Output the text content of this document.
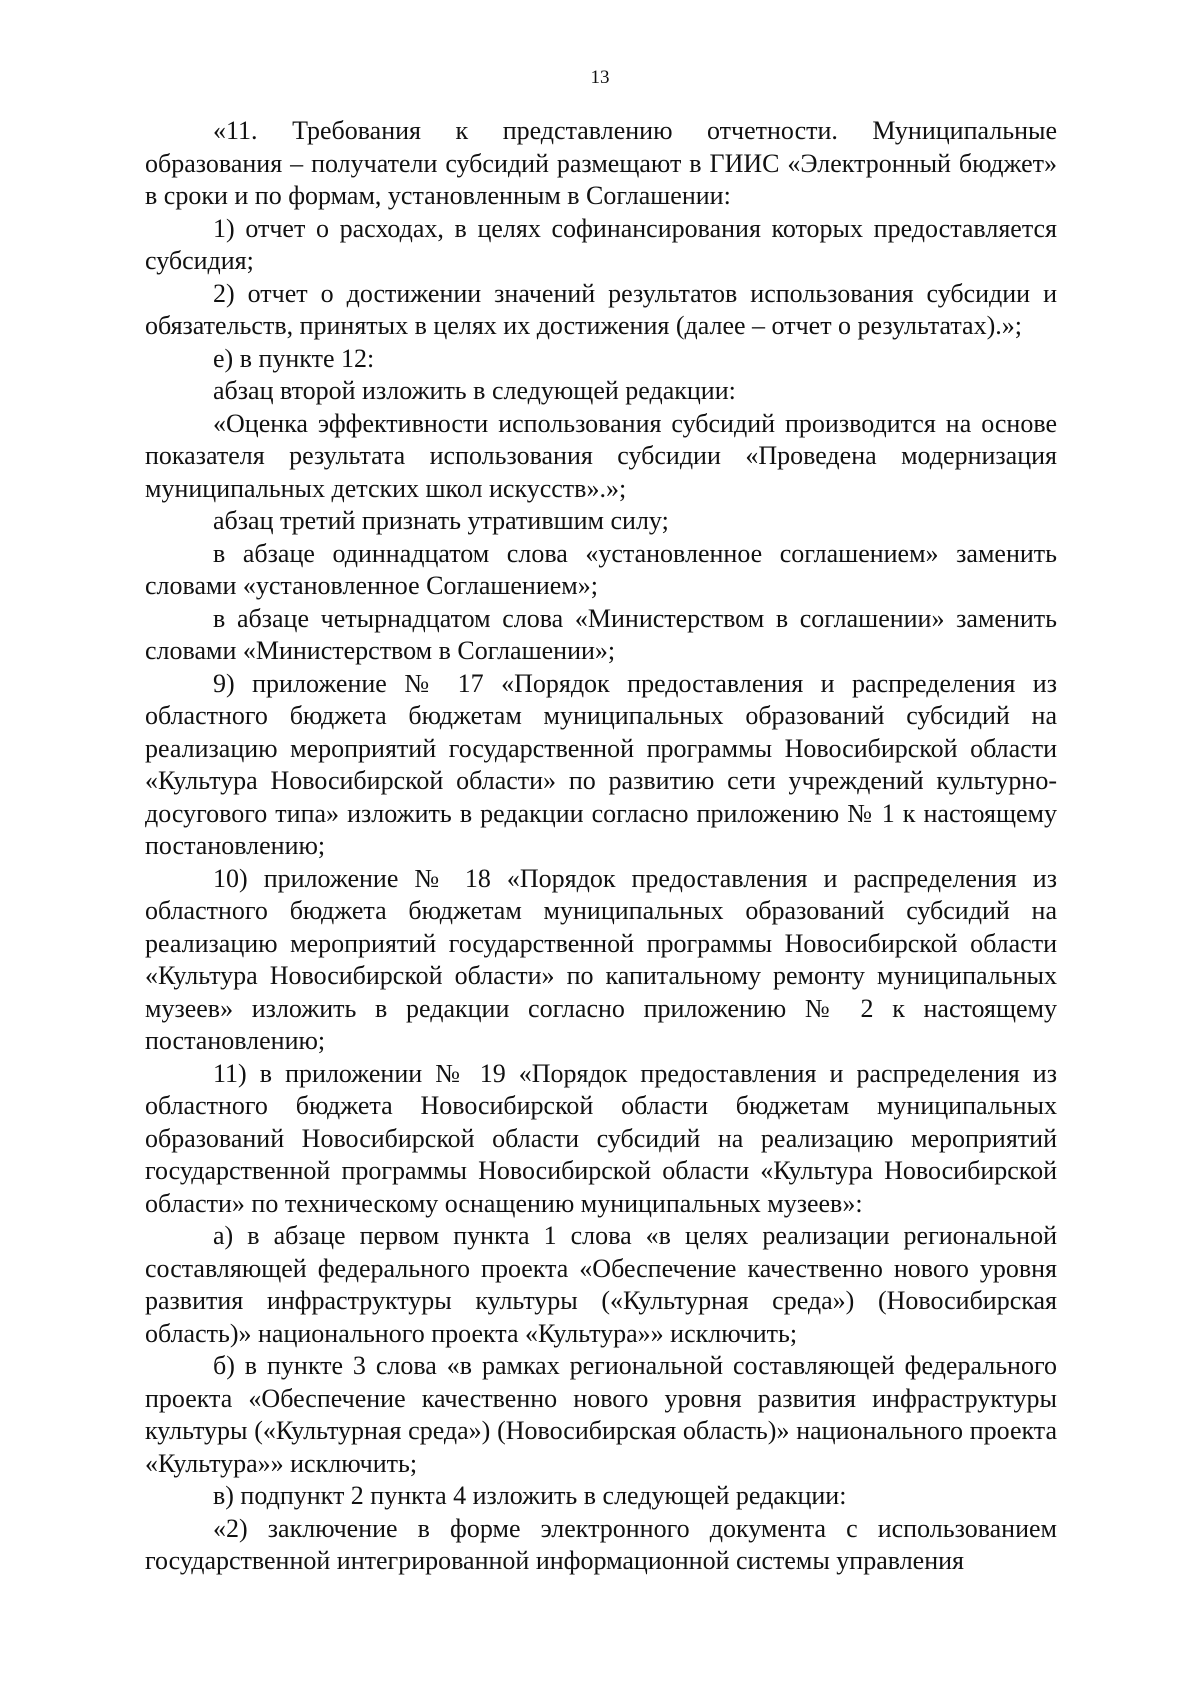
13

«11. Требования к представлению отчетности. Муниципальные образования – получатели субсидий размещают в ГИИС «Электронный бюджет» в сроки и по формам, установленным в Соглашении:

1) отчет о расходах, в целях софинансирования которых предоставляется субсидия;

2) отчет о достижении значений результатов использования субсидии и обязательств, принятых в целях их достижения (далее – отчет о результатах).»;

е) в пункте 12:

абзац второй изложить в следующей редакции:

«Оценка эффективности использования субсидий производится на основе показателя результата использования субсидии «Проведена модернизация муниципальных детских школ искусств».»;

абзац третий признать утратившим силу;

в абзаце одиннадцатом слова «установленное соглашением» заменить словами «установленное Соглашением»;

в абзаце четырнадцатом слова «Министерством в соглашении» заменить словами «Министерством в Соглашении»;

9) приложение № 17 «Порядок предоставления и распределения из областного бюджета бюджетам муниципальных образований субсидий на реализацию мероприятий государственной программы Новосибирской области «Культура Новосибирской области» по развитию сети учреждений культурно-досугового типа» изложить в редакции согласно приложению № 1 к настоящему постановлению;

10) приложение № 18 «Порядок предоставления и распределения из областного бюджета бюджетам муниципальных образований субсидий на реализацию мероприятий государственной программы Новосибирской области «Культура Новосибирской области» по капитальному ремонту муниципальных музеев» изложить в редакции согласно приложению № 2 к настоящему постановлению;

11) в приложении № 19 «Порядок предоставления и распределения из областного бюджета Новосибирской области бюджетам муниципальных образований Новосибирской области субсидий на реализацию мероприятий государственной программы Новосибирской области «Культура Новосибирской области» по техническому оснащению муниципальных музеев»:

а) в абзаце первом пункта 1 слова «в целях реализации региональной составляющей федерального проекта «Обеспечение качественно нового уровня развития инфраструктуры культуры («Культурная среда») (Новосибирская область)» национального проекта «Культура»» исключить;

б) в пункте 3 слова «в рамках региональной составляющей федерального проекта «Обеспечение качественно нового уровня развития инфраструктуры культуры («Культурная среда») (Новосибирская область)» национального проекта «Культура»» исключить;

в) подпункт 2 пункта 4 изложить в следующей редакции:

«2) заключение в форме электронного документа с использованием государственной интегрированной информационной системы управления
